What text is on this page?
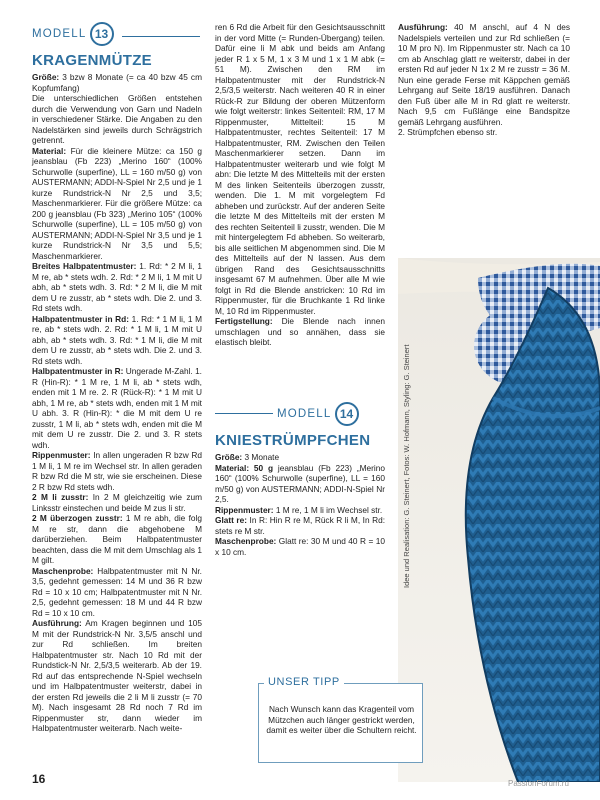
MODELL 13
KRAGENMÜTZE

Größe: 3 bzw 8 Monate (= ca 40 bzw 45 cm Kopfumfang)

Die unterschiedlichen Größen entstehen durch die Verwendung von Garn und Nadeln in verschiedener Stärke. Die Angaben zu den Nadelstärken sind jeweils durch Schrägstrich getrennt.

Material: Für die kleinere Mütze: ca 150 g jeansblau (Fb 223) „Merino 160“ (100% Schurwolle (superfine), LL = 160 m/50 g) von AUSTERMANN; ADDI-N-Spiel Nr 2,5 und je 1 kurze Rundstrick-N Nr 2,5 und 3,5; Maschenmarkierer. Für die größere Mütze: ca 200 g jeansblau (Fb 323) „Merino 105“ (100% Schurwolle (superfine), LL = 105 m/50 g) von AUSTERMANN; ADDI-N-Spiel Nr 3,5 und je 1 kurze Rundstrick-N Nr 3,5 und 5,5; Maschenmarkierer.

Breites Halbpatentmuster: 1. Rd: * 2 M li, 1 M re, ab * stets wdh. 2. Rd: * 2 M li, 1 M mit U abh, ab * stets wdh. 3. Rd: * 2 M li, die M mit dem U re zusstr, ab * stets wdh. Die 2. und 3. Rd stets wdh.

Halbpatentmuster in Rd: 1. Rd: * 1 M li, 1 M re, ab * stets wdh. 2. Rd: * 1 M li, 1 M mit U abh, ab * stets wdh. 3. Rd: * 1 M li, die M mit dem U re zusstr, ab * stets wdh. Die 2. und 3. Rd stets wdh.

Halbpatentmuster in R: Ungerade M-Zahl. 1. R (Hin-R): * 1 M re, 1 M li, ab * stets wdh, enden mit 1 M re. 2. R (Rück-R): * 1 M mit U abh, 1 M re, ab * stets wdh, enden mit 1 M mit U abh. 3. R (Hin-R): * die M mit dem U re zusstr, 1 M li, ab * stets wdh, enden mit die M mit dem U re zusstr. Die 2. und 3. R stets wdh.

Rippenmuster: In allen ungeraden R bzw Rd 1 M li, 1 M re im Wechsel str. In allen geraden R bzw Rd die M str, wie sie erscheinen. Diese 2 R bzw Rd stets wdh.

2 M li zusstr: In 2 M gleichzeitig wie zum Linksstr einstechen und beide M zus li str.

2 M überzogen zusstr: 1 M re abh, die folg M re str, dann die abgehobene M darüberziehen. Beim Halbpatentmuster beachten, dass die M mit dem Umschlag als 1 M gilt.

Maschenprobe: Halbpatentmuster mit N Nr. 3,5, gedehnt gemessen: 14 M und 36 R bzw Rd = 10 x 10 cm; Halbpatentmuster mit N Nr. 2,5, gedehnt gemessen: 18 M und 44 R bzw Rd = 10 x 10 cm.

Ausführung: Am Kragen beginnen und 105 M mit der Rundstrick-N Nr. 3,5/5 anschl und zur Rd schließen. Im breiten Halbpatentmuster str. Nach 10 Rd mit der Rundstick-N Nr. 2,5/3,5 weiterarb. Ab der 19. Rd auf das entsprechende N-Spiel wechseln und im Halbpatentmuster weiterstr, dabei in der ersten Rd jeweils die 2 li M li zusstr (= 70 M). Nach insgesamt 28 Rd noch 7 Rd im Rippenmuster str, dann wieder im Halbpatentmuster weiterarb. Nach weite-

ren 6 Rd die Arbeit für den Gesichtsausschnitt in der vord Mitte (= Runden-Übergang) teilen. Dafür eine li M abk und beids am Anfang jeder R 1 x 5 M, 1 x 3 M und 1 x 1 M abk (= 51 M). Zwischen den RM im Halbpatentmuster mit der Rundstrick-N 2,5/3,5 weiterstr. Nach weiteren 40 R in einer Rück-R zur Bildung der oberen Mützenform wie folgt weiterstr: linkes Seitenteil: RM, 17 M Rippenmuster, Mittelteil: 15 M Halbpatentmuster, rechtes Seitenteil: 17 M Halbpatentmuster, RM. Zwischen den Teilen Maschenmarkierer setzen. Dann im Halbpatentmuster weiterarb und wie folgt M abn: Die letzte M des Mittelteils mit der ersten M des linken Seitenteils überzogen zusstr, wenden. Die 1. M mit vorgelegtem Fd abheben und zurückstr. Auf der anderen Seite die letzte M des Mittelteils mit der ersten M des rechten Seitenteil li zusstr, wenden. Die M mit hintergelegtem Fd abheben. So weiterarb, bis alle seitlichen M abgenommen sind. Die M des Mittelteils auf der N lassen. Aus dem übrigen Rand des Gesichtsausschnitts insgesamt 67 M aufnehmen. Über alle M wie folgt in Rd die Blende anstricken: 10 Rd im Rippenmuster, für die Bruchkante 1 Rd linke M, 10 Rd im Rippenmuster.

Fertigstellung: Die Blende nach innen umschlagen und so annähen, dass sie elastisch bleibt.

MODELL 14
KNIESTRÜMPFCHEN

Größe: 3 Monate

Material: 50 g jeansblau (Fb 223) „Merino 160“ (100% Schurwolle (superfine), LL = 160 m/50 g) von AUSTERMANN; ADDI-N-Spiel Nr 2,5.

Rippenmuster: 1 M re, 1 M li im Wechsel str.

Glatt re: In R: Hin R re M, Rück R li M, In Rd: stets re M str.

Maschenprobe: Glatt re: 30 M und 40 R = 10 x 10 cm.

Ausführung: 40 M anschl, auf 4 N des Nadelspiels verteilen und zur Rd schließen (= 10 M pro N). Im Rippenmuster str. Nach ca 10 cm ab Anschlag glatt re weiterstr, dabei in der ersten Rd auf jeder N 1x 2 M re zusstr = 36 M. Nun eine gerade Ferse mit Käppchen gemäß Lehrgang auf Seite 18/19 ausführen. Danach den Fuß über alle M in Rd glatt re weiterstr. Nach 9,5 cm Fußlänge eine Bandspitze gemäß Lehrgang ausführen.

2. Strümpfchen ebenso str.

Idee und Realisation: G. Steinert, Fotos: W. Hofmann, Styling: G. Steinert
UNSER TIPP
Nach Wunsch kann das Kragenteil vom Mützchen auch länger gestrickt werden, damit es weiter über die Schultern reicht.
16	PassionForum.ru
